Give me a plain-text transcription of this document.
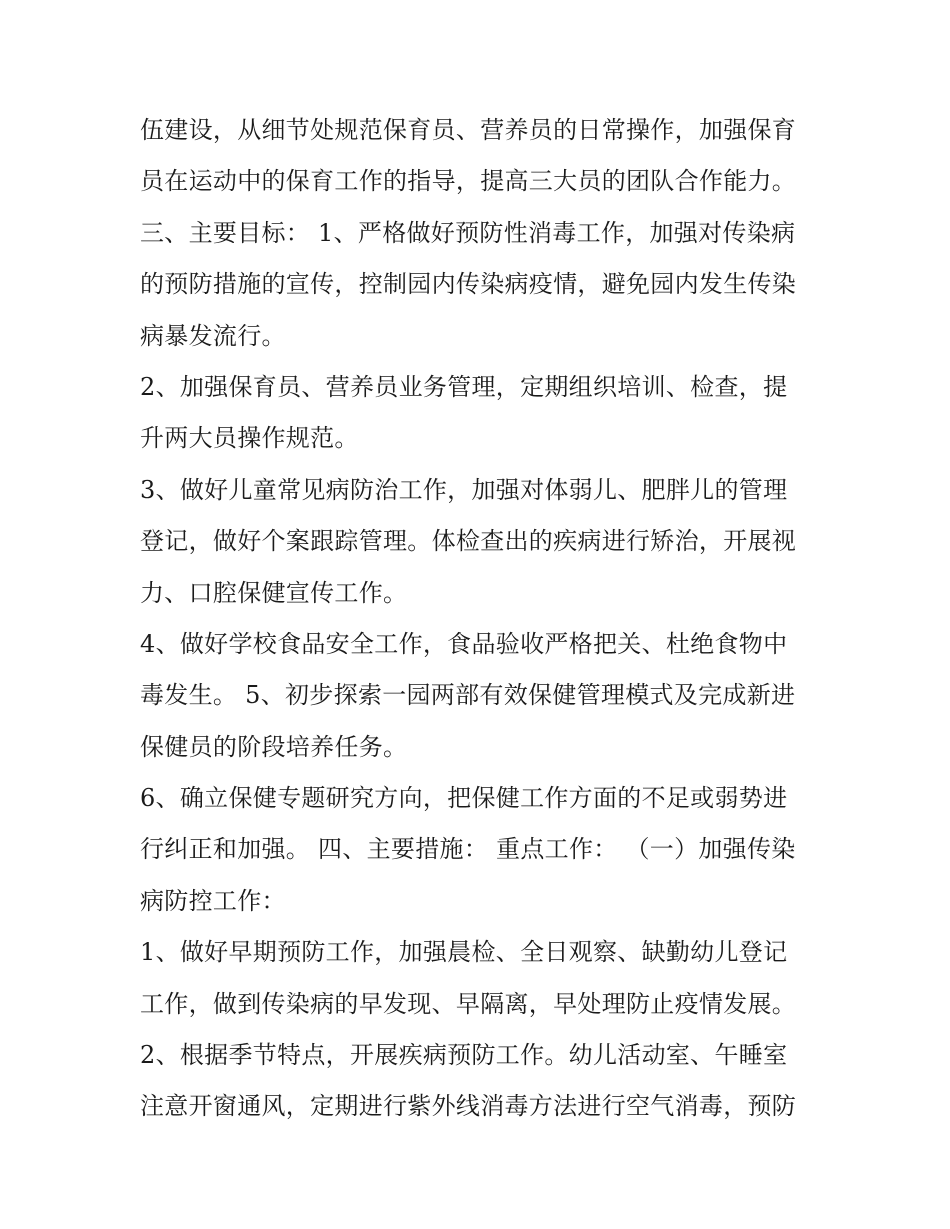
伍建设，从细节处规范保育员、营养员的日常操作，加强保育
员在运动中的保育工作的指导，提高三大员的团队合作能力。
三、主要目标： 1、严格做好预防性消毒工作，加强对传染病
的预防措施的宣传，控制园内传染病疫情，避免园内发生传染
病暴发流行。
2、加强保育员、营养员业务管理，定期组织培训、检查，提
升两大员操作规范。
3、做好儿童常见病防治工作，加强对体弱儿、肥胖儿的管理
登记，做好个案跟踪管理。体检查出的疾病进行矫治，开展视
力、口腔保健宣传工作。
4、做好学校食品安全工作，食品验收严格把关、杜绝食物中
毒发生。 5、初步探索一园两部有效保健管理模式及完成新进
保健员的阶段培养任务。
6、确立保健专题研究方向，把保健工作方面的不足或弱势进
行纠正和加强。 四、主要措施： 重点工作： （一）加强传染
病防控工作：
1、做好早期预防工作，加强晨检、全日观察、缺勤幼儿登记
工作，做到传染病的早发现、早隔离，早处理防止疫情发展。
2、根据季节特点，开展疾病预防工作。幼儿活动室、午睡室
注意开窗通风，定期进行紫外线消毒方法进行空气消毒，预防
